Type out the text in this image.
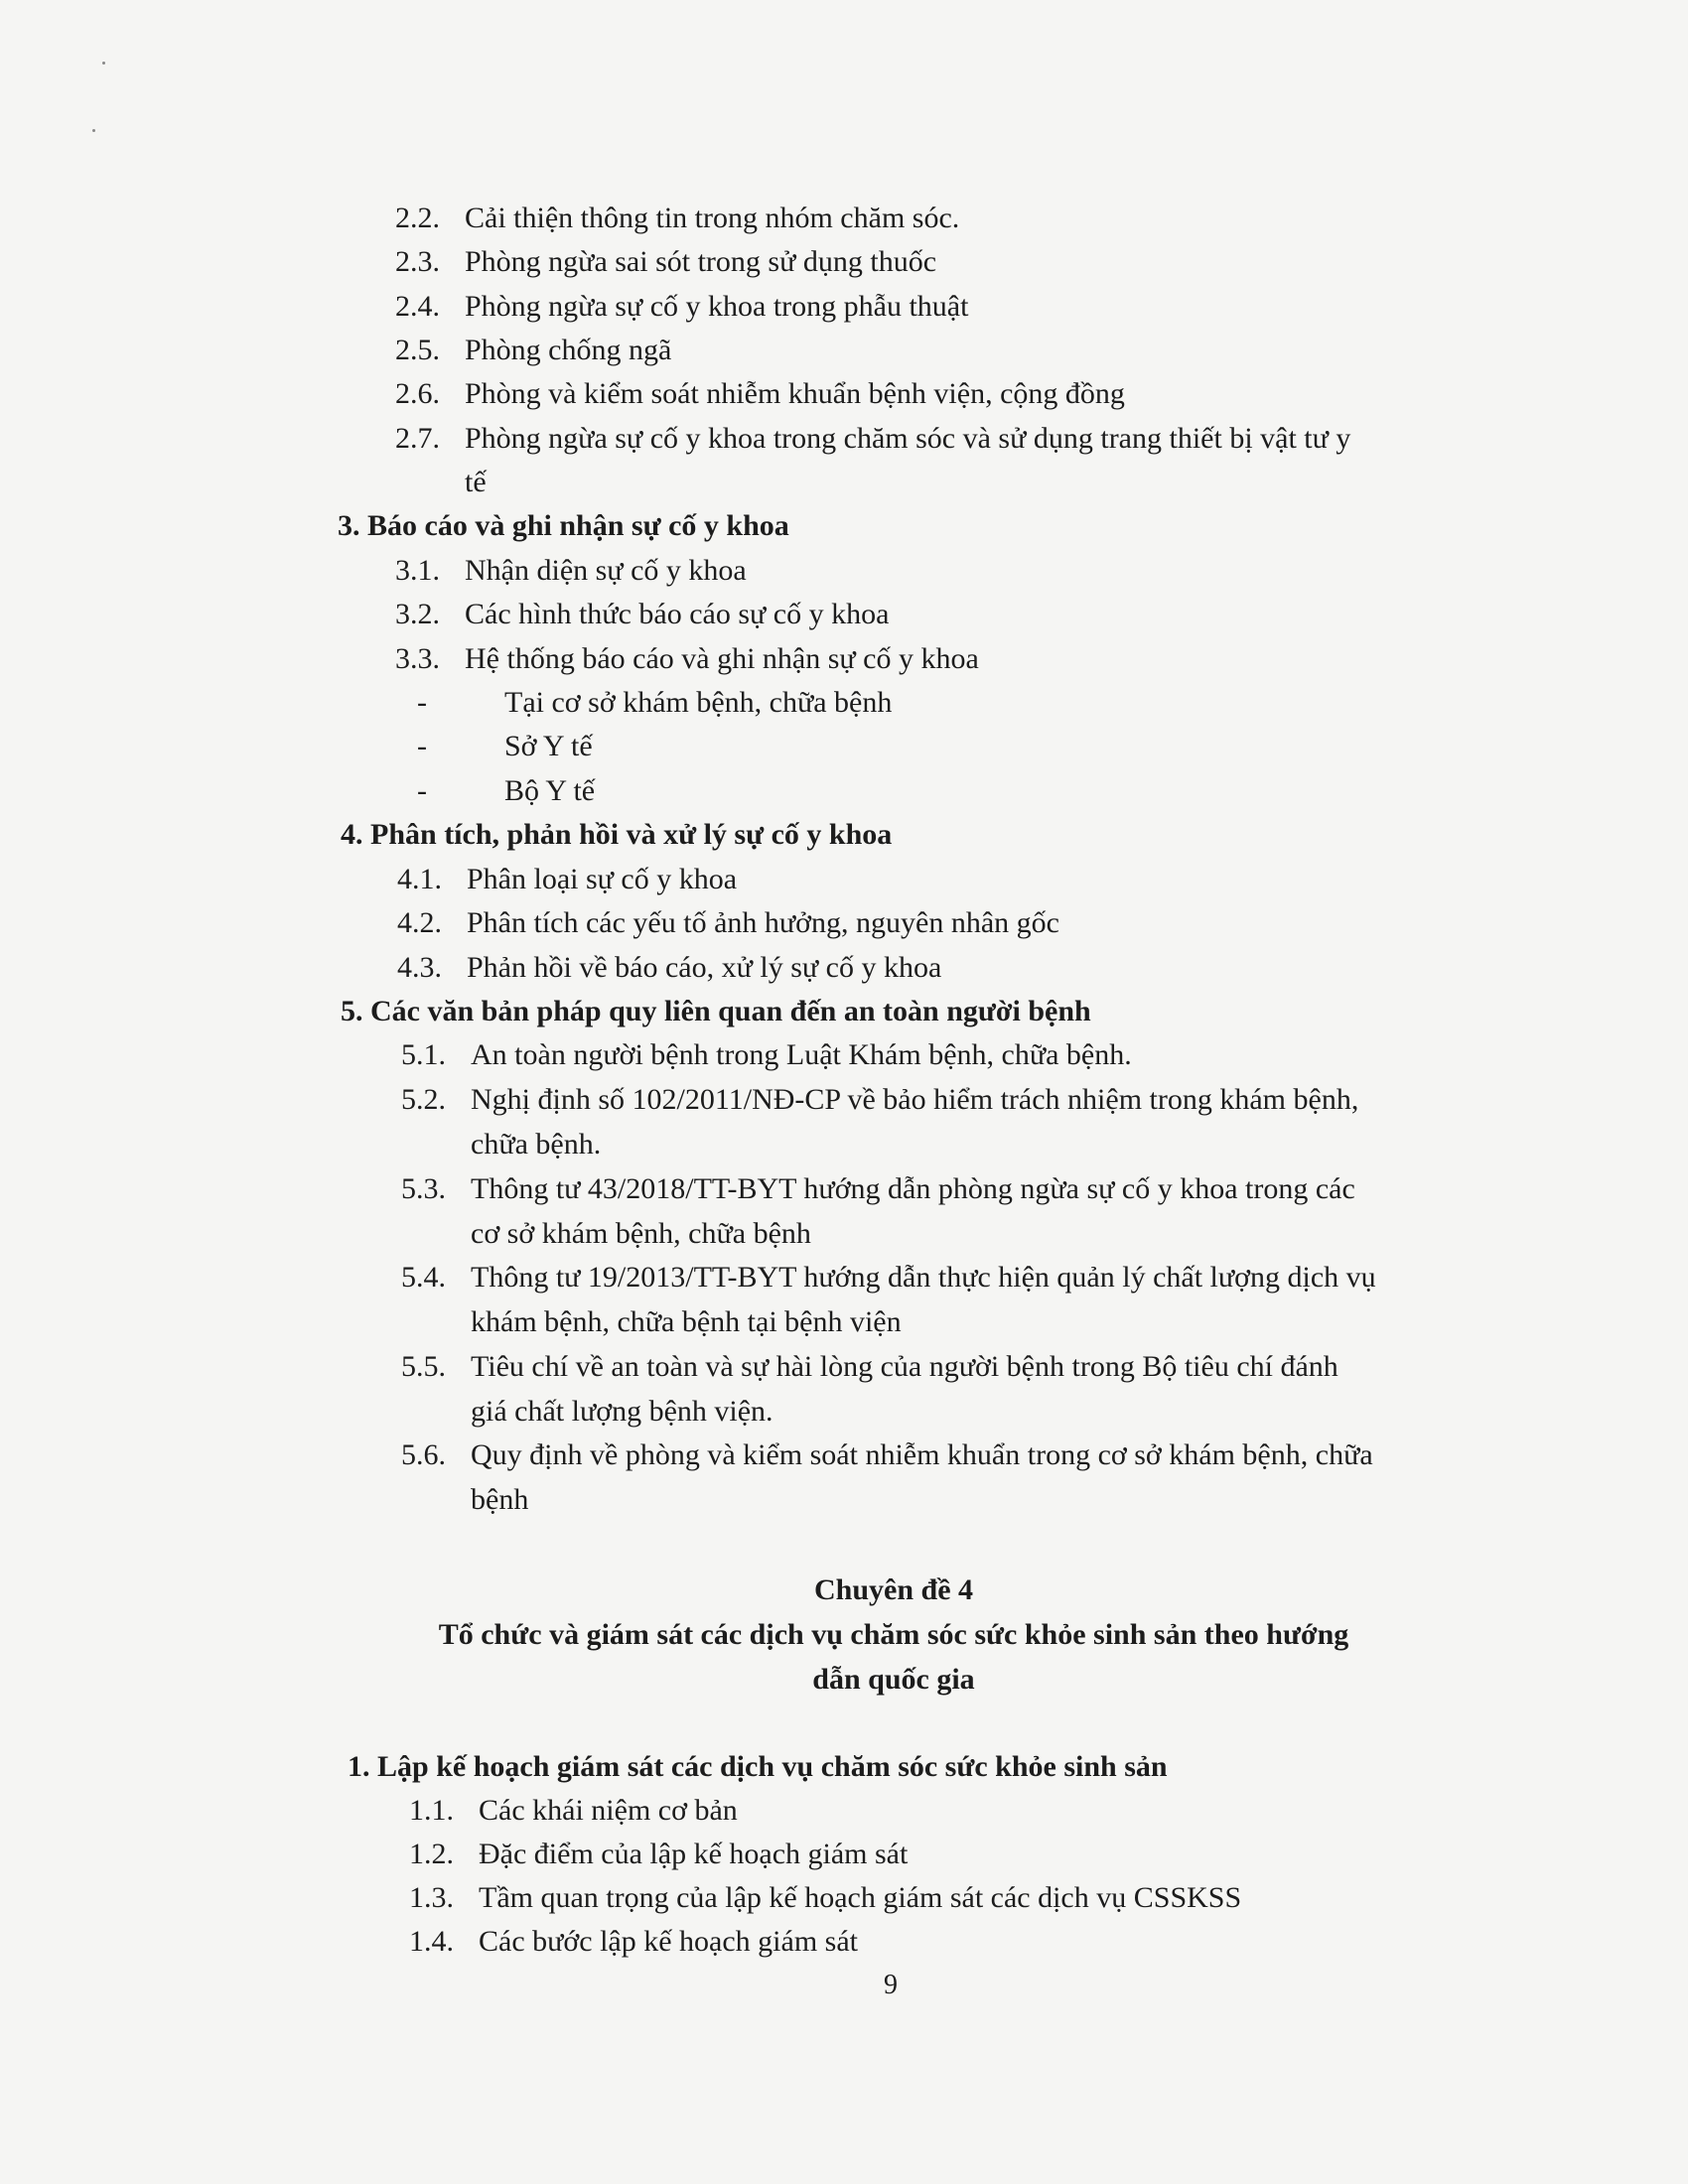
2.2. Cải thiện thông tin trong nhóm chăm sóc.
2.3. Phòng ngừa sai sót trong sử dụng thuốc
2.4. Phòng ngừa sự cố y khoa trong phẫu thuật
2.5. Phòng chống ngã
2.6. Phòng và kiểm soát nhiễm khuẩn bệnh viện, cộng đồng
2.7. Phòng ngừa sự cố y khoa trong chăm sóc và sử dụng trang thiết bị vật tư y
tế
3. Báo cáo và ghi nhận sự cố y khoa
3.1. Nhận diện sự cố y khoa
3.2. Các hình thức báo cáo sự cố y khoa
3.3. Hệ thống báo cáo và ghi nhận sự cố y khoa
-	Tại cơ sở khám bệnh, chữa bệnh
-	Sở Y tế
-	Bộ Y tế
4. Phân tích, phản hồi và xử lý sự cố y khoa
4.1. Phân loại sự cố y khoa
4.2. Phân tích các yếu tố ảnh hưởng, nguyên nhân gốc
4.3. Phản hồi về báo cáo, xử lý sự cố y khoa
5. Các văn bản pháp quy liên quan đến an toàn người bệnh
5.1. An toàn người bệnh trong Luật Khám bệnh, chữa bệnh.
5.2. Nghị định số 102/2011/NĐ-CP về bảo hiểm trách nhiệm trong khám bệnh,
chữa bệnh.
5.3. Thông tư 43/2018/TT-BYT hướng dẫn phòng ngừa sự cố y khoa trong các
cơ sở khám bệnh, chữa bệnh
5.4. Thông tư 19/2013/TT-BYT hướng dẫn thực hiện quản lý chất lượng dịch vụ
khám bệnh, chữa bệnh tại bệnh viện
5.5. Tiêu chí về an toàn và sự hài lòng của người bệnh trong Bộ tiêu chí đánh
giá chất lượng bệnh viện.
5.6. Quy định về phòng và kiểm soát nhiễm khuẩn trong cơ sở khám bệnh, chữa
bệnh
Chuyên đề 4
Tổ chức và giám sát các dịch vụ chăm sóc sức khỏe sinh sản theo hướng
dẫn quốc gia
1. Lập kế hoạch giám sát các dịch vụ chăm sóc sức khỏe sinh sản
1.1. Các khái niệm cơ bản
1.2. Đặc điểm của lập kế hoạch giám sát
1.3. Tầm quan trọng của lập kế hoạch giám sát các dịch vụ CSSKSS
1.4. Các bước lập kế hoạch giám sát
9
